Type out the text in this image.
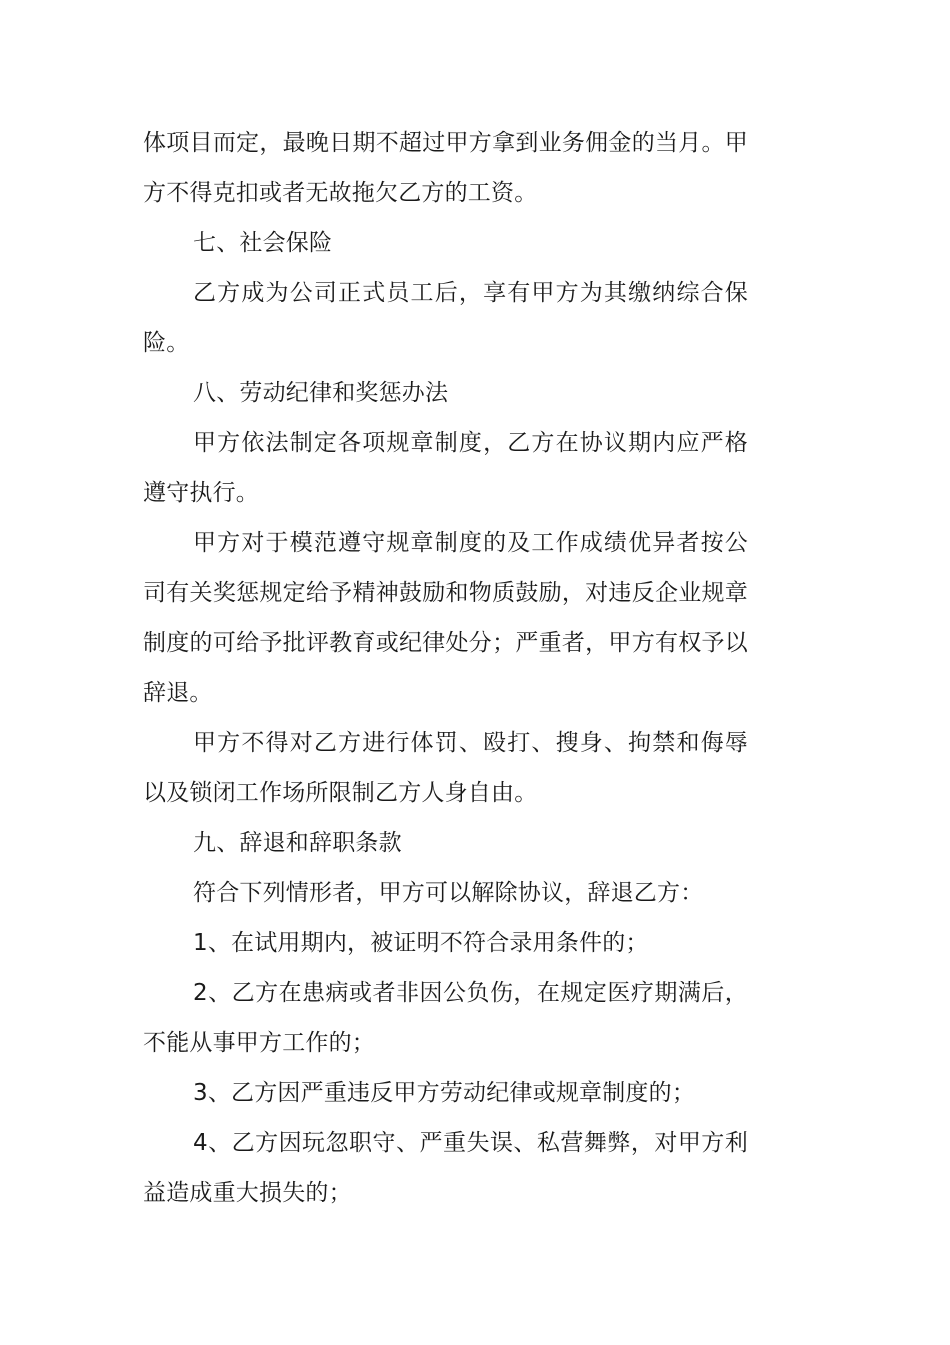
体项目而定，最晚日期不超过甲方拿到业务佣金的当月。甲方不得克扣或者无故拖欠乙方的工资。

七、社会保险

乙方成为公司正式员工后，享有甲方为其缴纳综合保险。

八、劳动纪律和奖惩办法

甲方依法制定各项规章制度，乙方在协议期内应严格遵守执行。

甲方对于模范遵守规章制度的及工作成绩优异者按公司有关奖惩规定给予精神鼓励和物质鼓励，对违反企业规章制度的可给予批评教育或纪律处分；严重者，甲方有权予以辞退。

甲方不得对乙方进行体罚、殴打、搜身、拘禁和侮辱以及锁闭工作场所限制乙方人身自由。

九、辞退和辞职条款

符合下列情形者，甲方可以解除协议，辞退乙方：

1、在试用期内，被证明不符合录用条件的；

2、乙方在患病或者非因公负伤，在规定医疗期满后，不能从事甲方工作的；

3、乙方因严重违反甲方劳动纪律或规章制度的；

4、乙方因玩忽职守、严重失误、私营舞弊，对甲方利益造成重大损失的；
